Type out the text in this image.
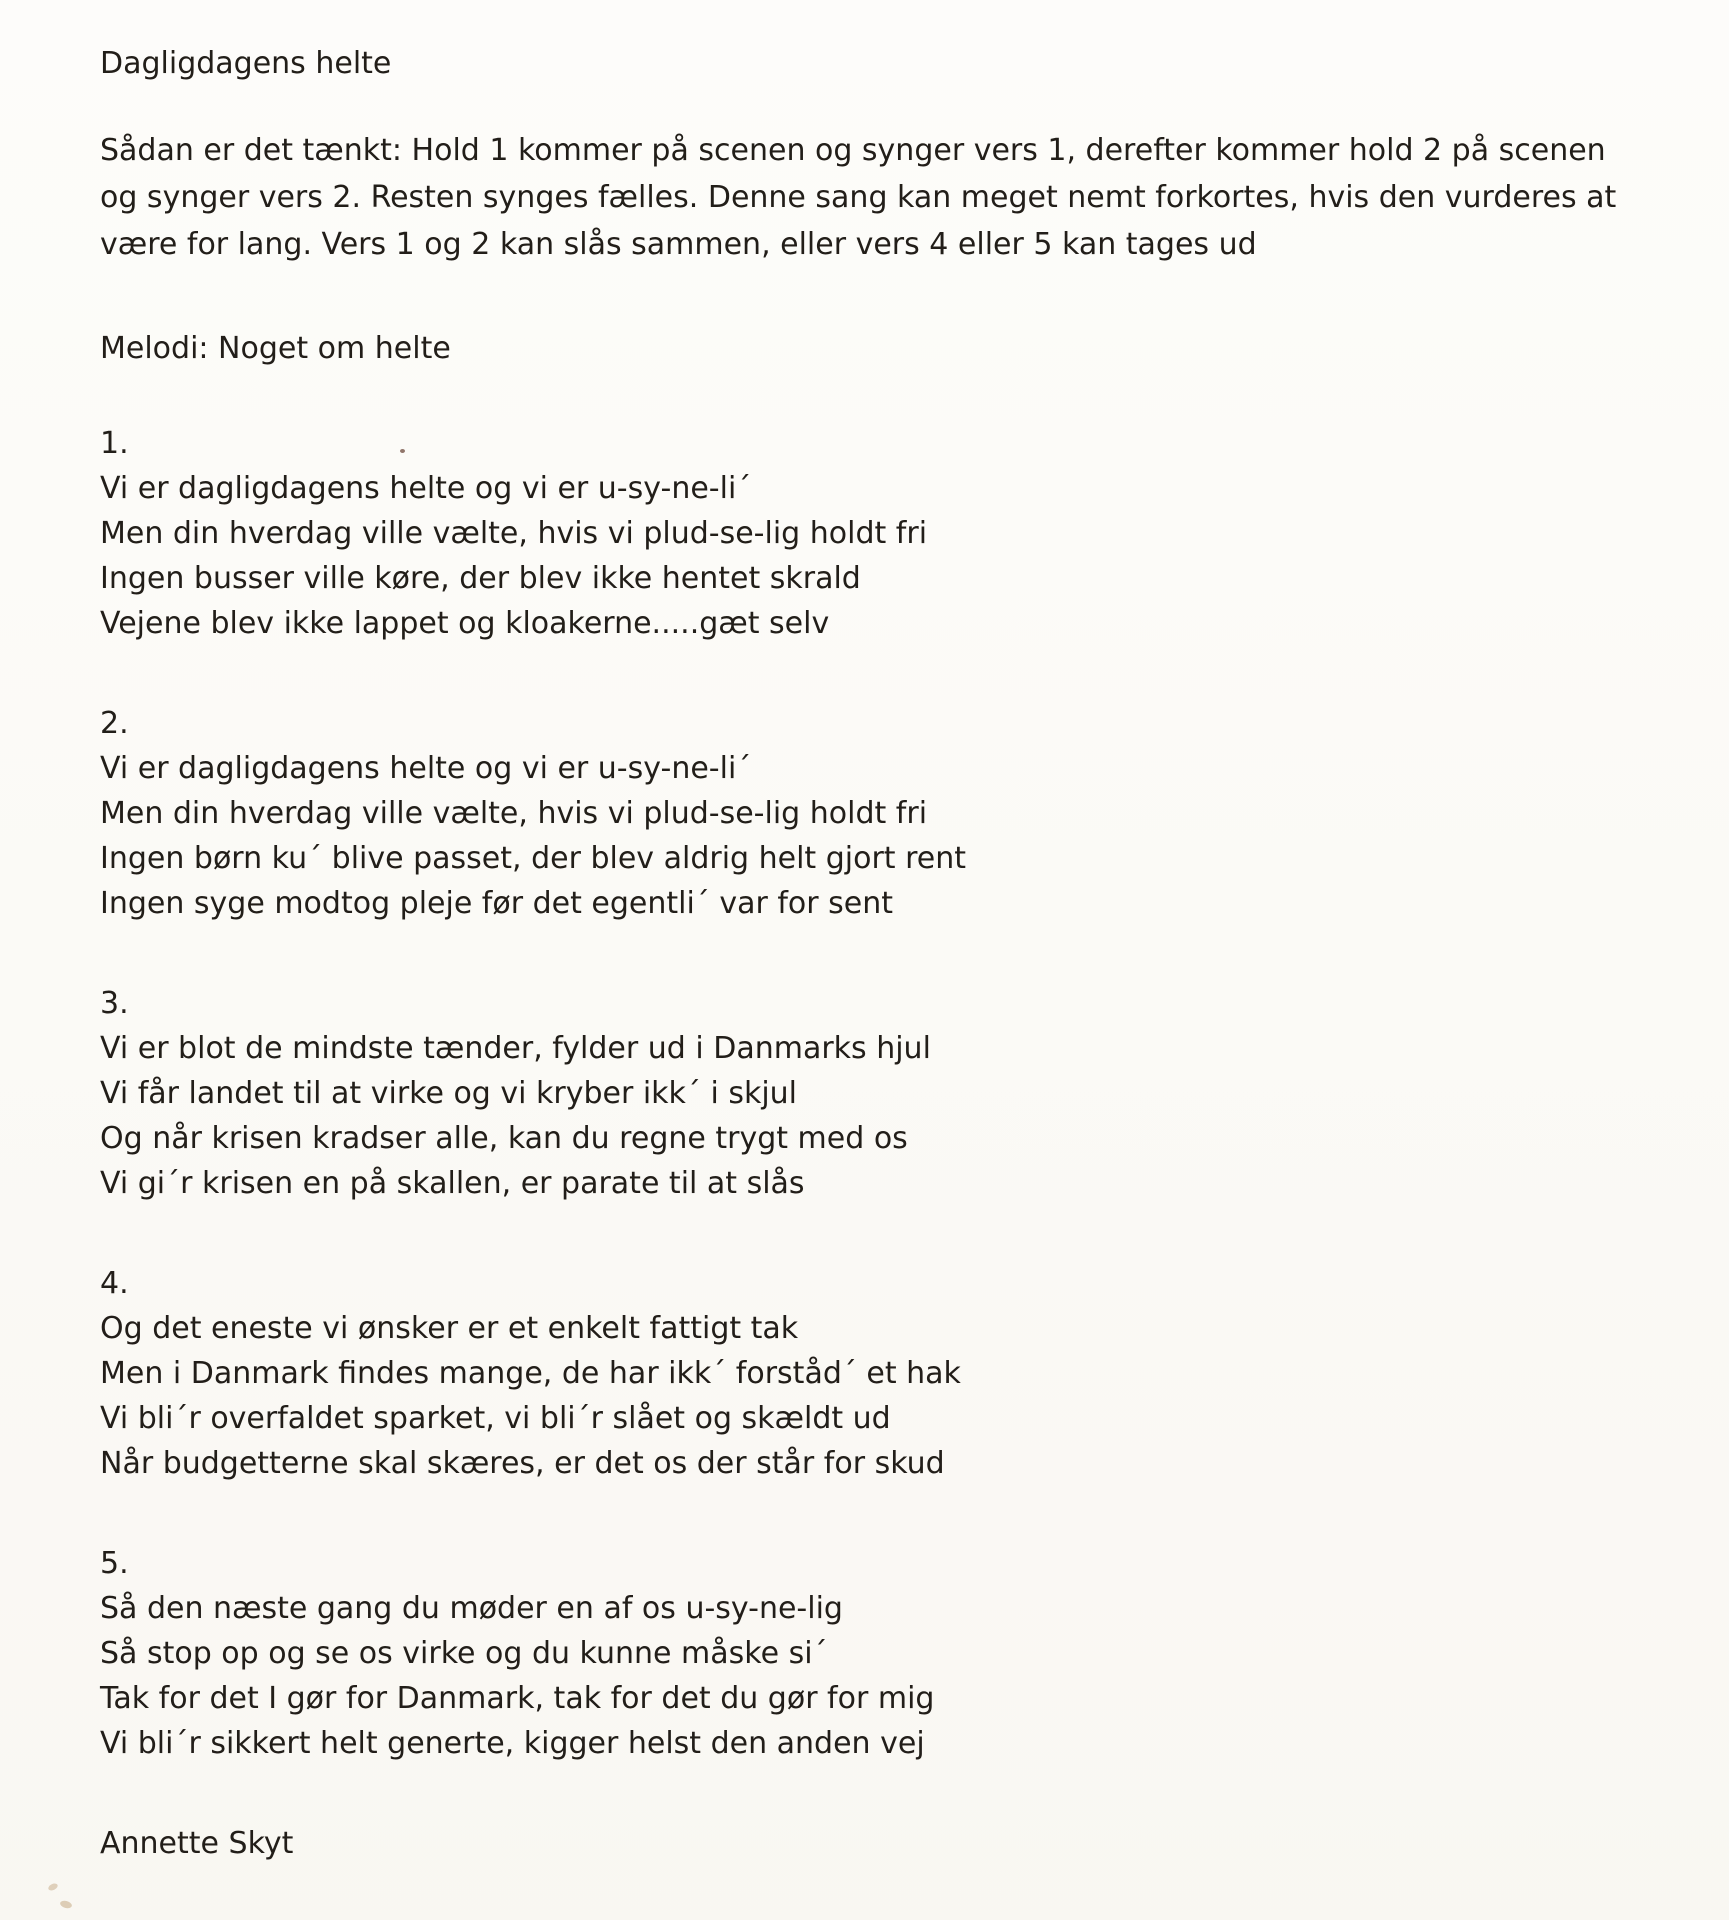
Dagligdagens helte
Sådan er det tænkt: Hold 1 kommer på scenen og synger vers 1, derefter kommer hold 2 på scenen
og synger vers 2. Resten synges fælles. Denne sang kan meget nemt forkortes, hvis den vurderes at
være for lang. Vers 1 og 2 kan slås sammen, eller vers 4 eller 5 kan tages ud
Melodi: Noget om helte
1.
Vi er dagligdagens helte og vi er u-sy-ne-li´
Men din hverdag ville vælte, hvis vi plud-se-lig holdt fri
Ingen busser ville køre, der blev ikke hentet skrald
Vejene blev ikke lappet og kloakerne.....gæt selv
2.
Vi er dagligdagens helte og vi er u-sy-ne-li´
Men din hverdag ville vælte, hvis vi plud-se-lig holdt fri
Ingen børn ku´ blive passet, der blev aldrig helt gjort rent
Ingen syge modtog pleje før det egentli´ var for sent
3.
Vi er blot de mindste tænder, fylder ud i Danmarks hjul
Vi får landet til at virke og vi kryber ikk´ i skjul
Og når krisen kradser alle, kan du regne trygt med os
Vi gi´r krisen en på skallen, er parate til at slås
4.
Og det eneste vi ønsker er et enkelt fattigt tak
Men i Danmark findes mange, de har ikk´ forståd´ et hak
Vi bli´r overfaldet sparket, vi bli´r slået og skældt ud
Når budgetterne skal skæres, er det os der står for skud
5.
Så den næste gang du møder en af os u-sy-ne-lig
Så stop op og se os virke og du kunne måske si´
Tak for det I gør for Danmark, tak for det du gør for mig
Vi bli´r sikkert helt generte, kigger helst den anden vej
Annette Skyt
